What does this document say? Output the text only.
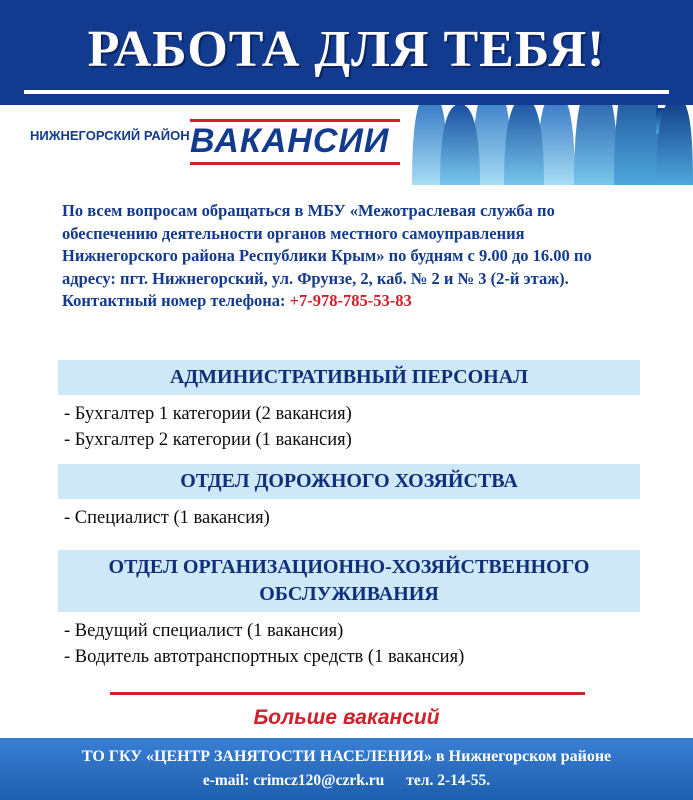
РАБОТА ДЛЯ ТЕБЯ!
НИЖНЕГОРСКИЙ РАЙОН ВАКАНСИИ
По всем вопросам обращаться в МБУ «Межотраслевая служба по обеспечению деятельности органов местного самоуправления Нижнегорского района Республики Крым» по будням с 9.00 до 16.00 по адресу: пгт. Нижнегорский, ул. Фрунзе, 2, каб. № 2 и № 3 (2-й этаж). Контактный номер телефона: +7-978-785-53-83
АДМИНИСТРАТИВНЫЙ ПЕРСОНАЛ
- Бухгалтер 1 категории (2 вакансия)
- Бухгалтер 2 категории (1 вакансия)
ОТДЕЛ ДОРОЖНОГО ХОЗЯЙСТВА
- Специалист (1 вакансия)
ОТДЕЛ ОРГАНИЗАЦИОННО-ХОЗЯЙСТВЕННОГО ОБСЛУЖИВАНИЯ
- Ведущий специалист (1 вакансия)
- Водитель автотранспортных средств (1 вакансия)
Больше вакансий
ТО ГКУ «ЦЕНТР ЗАНЯТОСТИ НАСЕЛЕНИЯ» в Нижнегорском районе
e-mail: crimcz120@czrk.ru тел. 2-14-55.
